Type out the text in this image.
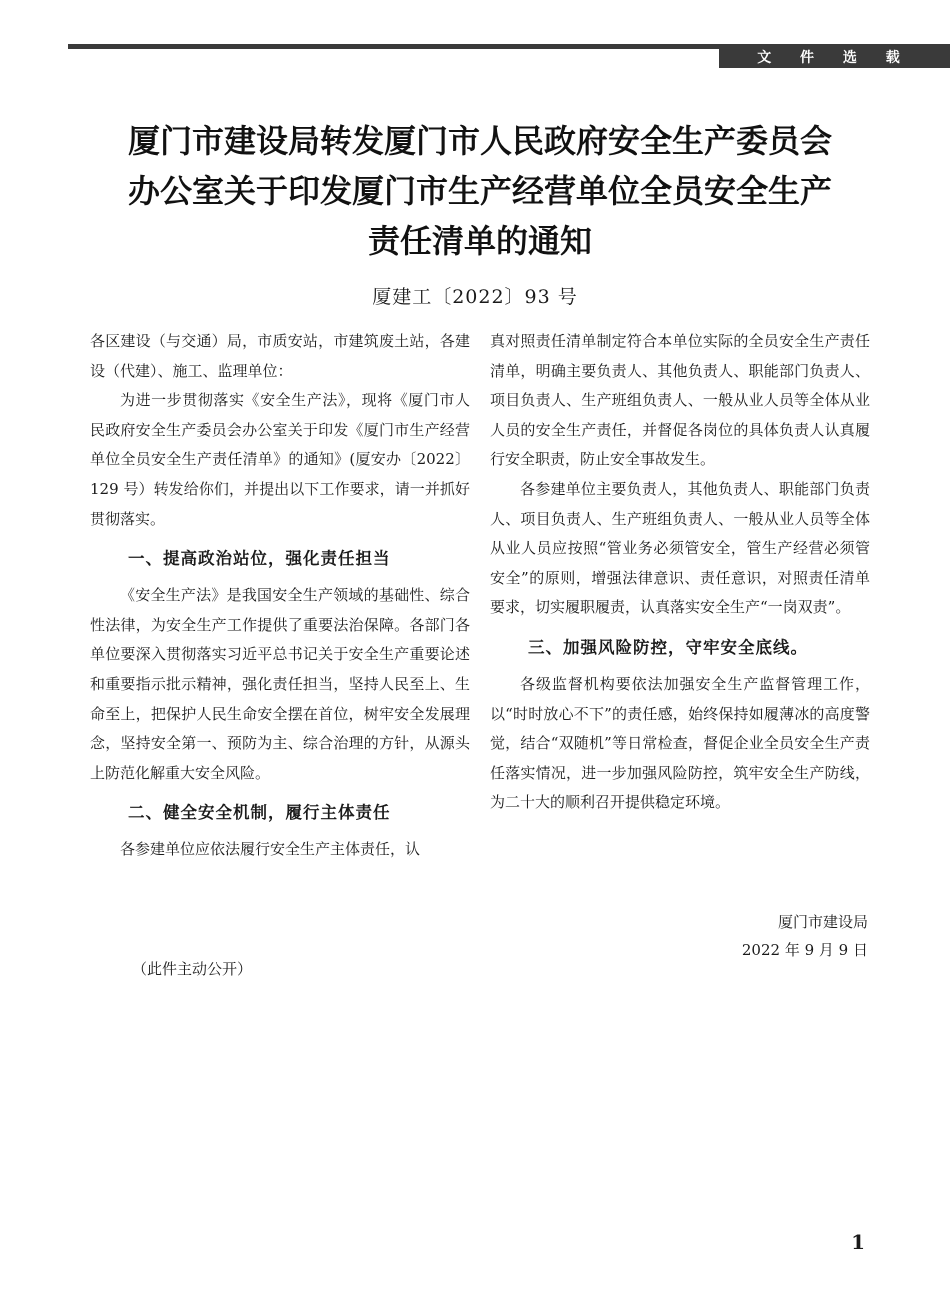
文 件 选 载
厦门市建设局转发厦门市人民政府安全生产委员会
办公室关于印发厦门市生产经营单位全员安全生产
责任清单的通知
厦建工〔2022〕93 号

各区建设（与交通）局，市质安站，市建筑废土站，各建设（代建）、施工、监理单位：

为进一步贯彻落实《安全生产法》，现将《厦门市人民政府安全生产委员会办公室关于印发《厦门市生产经营单位全员安全生产责任清单》的通知》(厦安办〔2022〕129 号）转发给你们，并提出以下工作要求，请一并抓好贯彻落实。

一、提高政治站位，强化责任担当

《安全生产法》是我国安全生产领域的基础性、综合性法律，为安全生产工作提供了重要法治保障。各部门各单位要深入贯彻落实习近平总书记关于安全生产重要论述和重要指示批示精神，强化责任担当，坚持人民至上、生命至上，把保护人民生命安全摆在首位，树牢安全发展理念，坚持安全第一、预防为主、综合治理的方针，从源头上防范化解重大安全风险。

二、健全安全机制，履行主体责任

各参建单位应依法履行安全生产主体责任，认

真对照责任清单制定符合本单位实际的全员安全生产责任清单，明确主要负责人、其他负责人、职能部门负责人、项目负责人、生产班组负责人、一般从业人员等全体从业人员的安全生产责任，并督促各岗位的具体负责人认真履行安全职责，防止安全事故发生。

各参建单位主要负责人，其他负责人、职能部门负责人、项目负责人、生产班组负责人、一般从业人员等全体从业人员应按照“管业务必须管安全，管生产经营必须管安全”的原则，增强法律意识、责任意识，对照责任清单要求，切实履职履责，认真落实安全生产“一岗双责”。

三、加强风险防控，守牢安全底线。

各级监督机构要依法加强安全生产监督管理工作，以“时时放心不下”的责任感，始终保持如履薄冰的高度警觉，结合“双随机”等日常检查，督促企业全员安全生产责任落实情况，进一步加强风险防控，筑牢安全生产防线，为二十大的顺利召开提供稳定环境。

厦门市建设局
2022 年 9 月 9 日
（此件主动公开）
1
